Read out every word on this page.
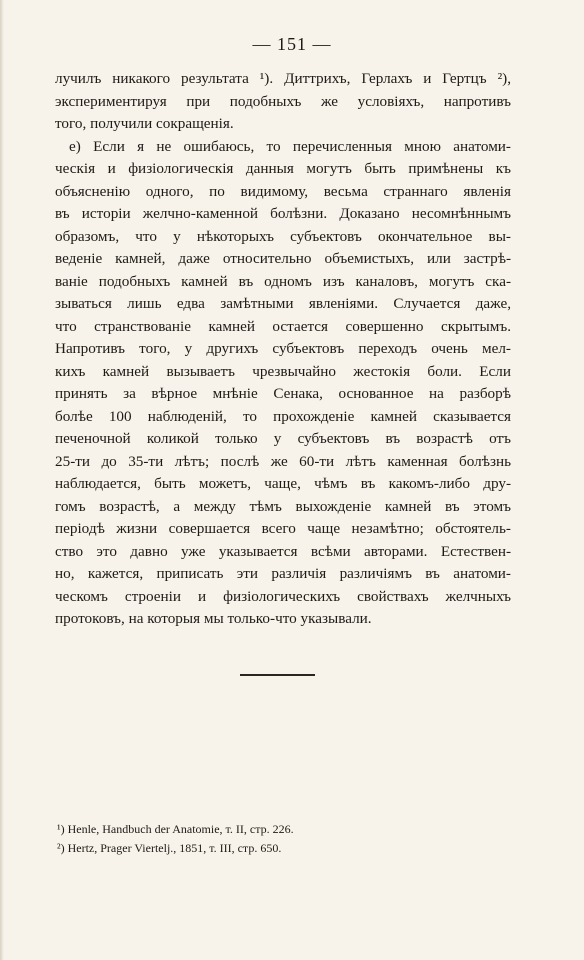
— 151 —
лучилъ никакого результата ¹). Диттрихъ, Герлахъ и Гертцъ ²),
экспериментируя при подобныхъ же условіяхъ, напротивъ
того, получили сокращенія.
е) Если я не ошибаюсь, то перечисленныя мною анатоми-
ческія и физіологическія данныя могутъ быть примѣнены къ
объясненію одного, по видимому, весьма страннаго явленія
въ исторіи желчно-каменной болѣзни. Доказано несомнѣннымъ
образомъ, что у нѣкоторыхъ субъектовъ окончательное вы-
веденіе камней, даже относительно объемистыхъ, или застрѣ-
ваніе подобныхъ камней въ одномъ изъ каналовъ, могутъ ска-
зываться лишь едва замѣтными явленіями. Случается даже,
что странствованіе камней остается совершенно скрытымъ.
Напротивъ того, у другихъ субъектовъ переходъ очень мел-
кихъ камней вызываетъ чрезвычайно жестокія боли. Если
принять за вѣрное мнѣніе Сенака, основанное на разборѣ
болѣе 100 наблюденій, то прохожденіе камней сказывается
печеночной коликой только у субъектовъ въ возрастѣ отъ
25-ти до 35-ти лѣтъ; послѣ же 60-ти лѣтъ каменная болѣзнь
наблюдается, быть можетъ, чаще, чѣмъ въ какомъ-либо дру-
гомъ возрастѣ, а между тѣмъ выхожденіе камней въ этомъ
періодѣ жизни совершается всего чаще незамѣтно; обстоятель-
ство это давно уже указывается всѣми авторами. Естествен-
но, кажется, приписать эти различія различіямъ въ анатоми-
ческомъ строеніи и физіологическихъ свойствахъ желчныхъ
протоковъ, на которыя мы только-что указывали.
¹) Henle, Handbuch der Anatomie, т. II, стр. 226.
²) Hertz, Prager Viertelj., 1851, т. III, стр. 650.
